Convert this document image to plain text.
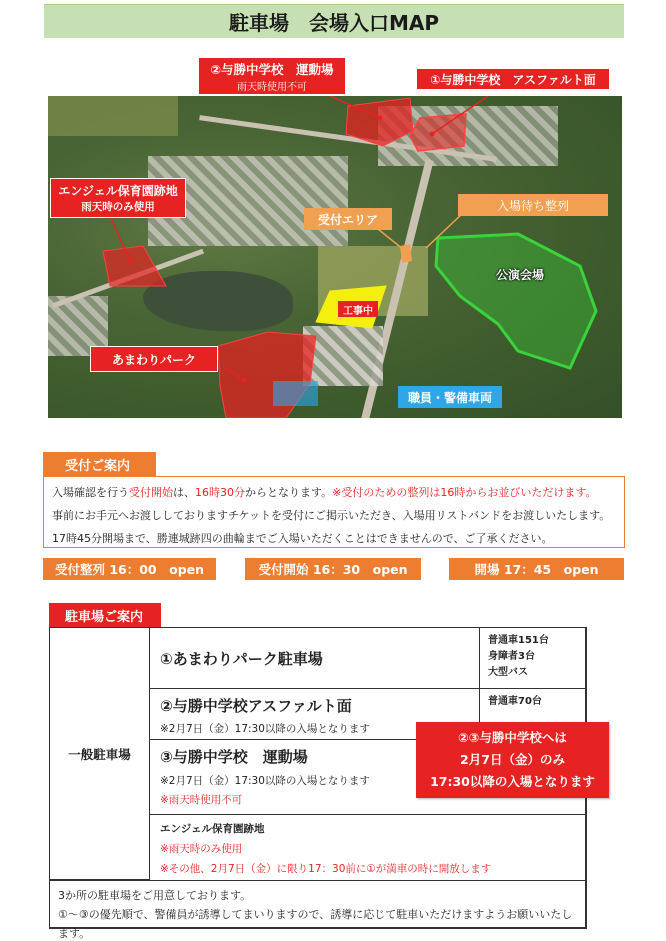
駐車場　会場入口MAP
②与勝中学校　運動場
雨天時使用不可
①与勝中学校　アスファルト面
エンジェル保育園跡地
雨天時のみ使用
受付エリア
入場待ち整列
公演会場
工事中
あまわりパーク
職員・警備車両
受付ご案内
入場確認を行う受付開始は、16時30分からとなります。※受付のための整列は16時からお並びいただけます。
事前にお手元へお渡ししておりますチケットを受付にご掲示いただき、入場用リストバンドをお渡しいたします。
17時45分開場まで、勝連城跡四の曲輪までご入場いただくことはできませんので、ご了承ください。
受付整列 16：00　open	受付開始 16：30　open	開場 17：45　open
駐車場ご案内
一般駐車場
①あまわりパーク駐車場
普通車151台
身障者3台
大型バス
②与勝中学校アスファルト面
※2月7日（金）17:30以降の入場となります
普通車70台
③与勝中学校　運動場
※2月7日（金）17:30以降の入場となります
※雨天時使用不可
エンジェル保育園跡地
※雨天時のみ使用
※その他、2月7日（金）に限り17：30前に①が満車の時に開放します
3か所の駐車場をご用意しております。
①～③の優先順で、警備員が誘導してまいりますので、誘導に応じて駐車いただけますようお願いいたします。
②③与勝中学校へは
2月7日（金）のみ
17:30以降の入場となります
